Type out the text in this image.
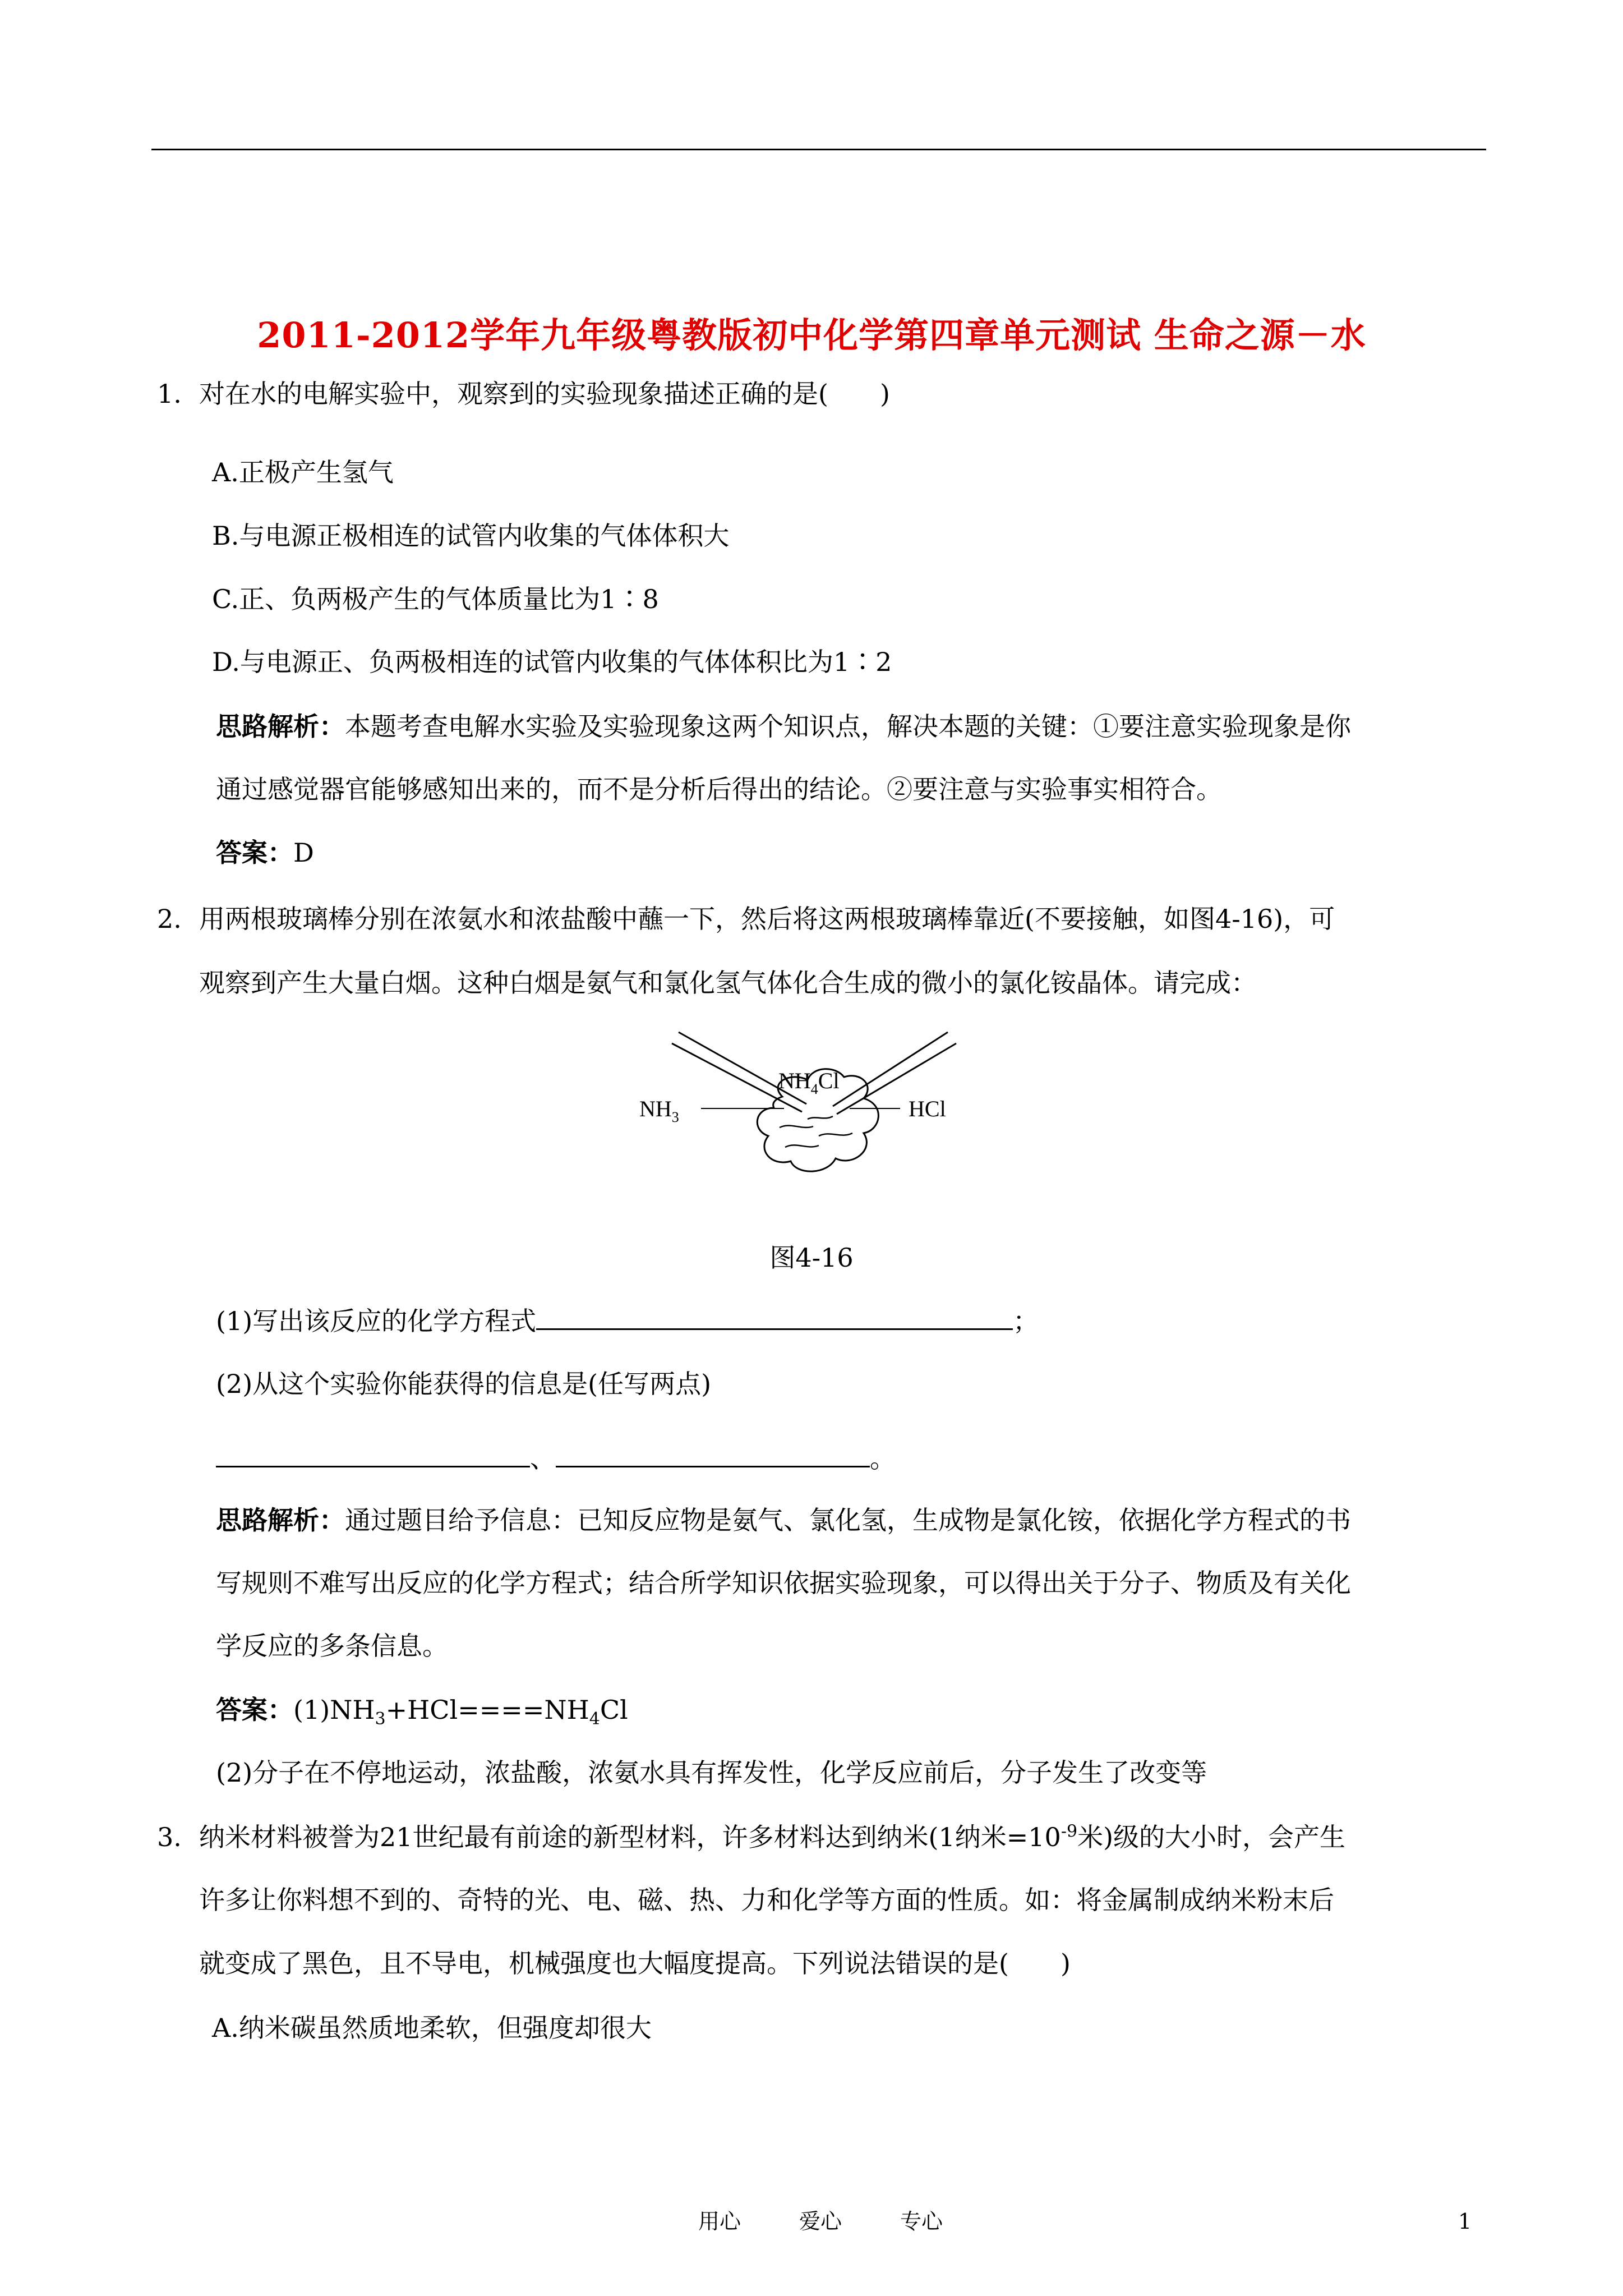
2011-2012学年九年级粤教版初中化学第四章单元测试 生命之源－水
1. 对在水的电解实验中，观察到的实验现象描述正确的是(　　)
A.正极产生氢气
B.与电源正极相连的试管内收集的气体体积大
C.正、负两极产生的气体质量比为1∶8
D.与电源正、负两极相连的试管内收集的气体体积比为1∶2
思路解析：本题考查电解水实验及实验现象这两个知识点，解决本题的关键：①要注意实验现象是你
通过感觉器官能够感知出来的，而不是分析后得出的结论。②要注意与实验事实相符合。
答案：D
2. 用两根玻璃棒分别在浓氨水和浓盐酸中蘸一下，然后将这两根玻璃棒靠近(不要接触，如图4-16)，可
观察到产生大量白烟。这种白烟是氨气和氯化氢气体化合生成的微小的氯化铵晶体。请完成：
$NH_3$
$NH_4Cl$
HCl
图4-16
(1)写出该反应的化学方程式	；
(2)从这个实验你能获得的信息是(任写两点)
、	。
思路解析：通过题目给予信息：已知反应物是氨气、氯化氢，生成物是氯化铵，依据化学方程式的书
写规则不难写出反应的化学方程式；结合所学知识依据实验现象，可以得出关于分子、物质及有关化
学反应的多条信息。
答案：$(1)NH_3+HCl====NH_4Cl$
(2)分子在不停地运动，浓盐酸，浓氨水具有挥发性，化学反应前后，分子发生了改变等
3. 纳米材料被誉为21世纪最有前途的新型材料，许多材料达到纳米(1纳米$=10^{-9}$米)级的大小时，会产生
许多让你料想不到的、奇特的光、电、磁、热、力和化学等方面的性质。如：将金属制成纳米粉末后
就变成了黑色，且不导电，机械强度也大幅度提高。下列说法错误的是(　　)
A.纳米碳虽然质地柔软，但强度却很大
用心	爱心	专心	1
